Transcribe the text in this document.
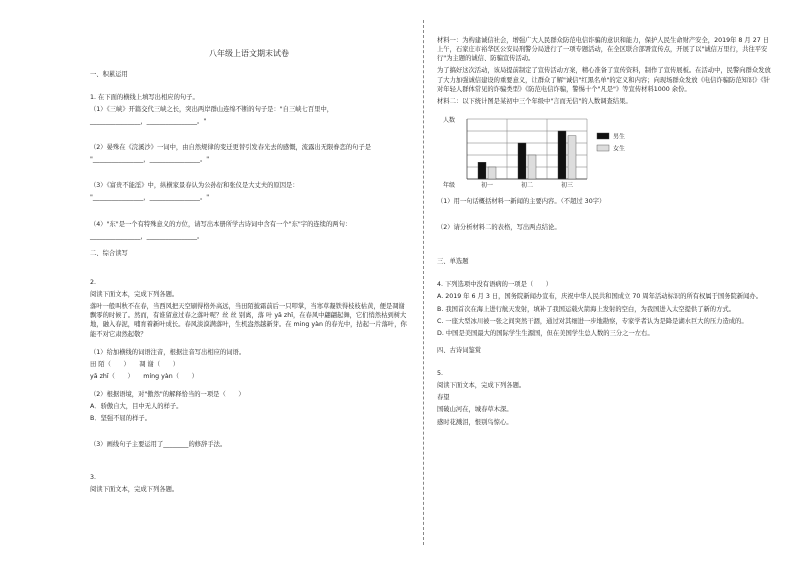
八年级上语文期末试卷
一、积累运用
1. 在下面的横线上填写出相应的句子。
（1）《三峡》开篇交代三峡之长，突出两岸群山连绵不断的句子是："自三峡七百里中，
________________，________________。"
（2）晏殊在《浣溪沙》一词中，由自然规律的变迁更替引发春光去的感慨，流露出无限眷恋的句子是
"________________，________________。"
（3）《富贵不能淫》中，纵横家景春认为公孙衍和张仪是大丈夫的原因是：
"________________，________________。"
（4）"东"是一个有特殊意义的方位，请写出本册所学古诗词中含有一个"东"字的连续的两句：
________________，________________。
二、综合读写
2.
阅读下面文本，完成下列各题。
落叶一般叫秋不在春，当西风把天空刷得格外高远，当田陌披霜前后一只叩掌，当寒草凝铁得枝枝枯黄，便是凋谢飘零的时候了。然而，有谁留意过春之落叶呢？丝 丝 别离，落 叶 yā zhī，在春风中翩翩起舞，它们悄然枯到树大地，融入春泥，哺育着新叶成长。春风淡漠满落叶，生机盎然越新芽。在 ming yàn 的春光中，拈起一片落叶，你能不对它肃然起敬？
（1）给加横线的词语注音，根据注音写出相应的词语。
田 陌（　　）　　凋 谢（　　）
yā zhī（　　）　　míng yàn（　　）
（2）根据语境，对"傲然"的解释恰当的一项是（　　）
A．骄傲自大，目中无人的样子。
B．坚强不屈的样子。
（3）画线句子主要运用了________的修辞手法。
3.
阅读下面文本，完成下列各题。
材料一：为构建诚信社会，增强广大人民群众防范电信诈骗的意识和能力，保护人民生命财产安全，2019年 8 月 27 日上午，石家庄市裕华区公安局刑警分局进行了一项专题活动，在全区联合部署宣传点，开展了以"诚信万里行，共往平安行"为主题的诚信、防骗宣传活动。
为了搞好这次活动，该局提前制定了宣传活动方案，精心准备了宣传资料，制作了宣传展板。在活动中，民警向群众发放了大力加强诚信建设的重要意义，让群众了解"诚信"红黑名单"的定义和内容；向现场群众发放《电信诈骗防范知识》《针对年轻人群体常见的诈骗类型》《防范电信诈骗，警惕十个"凡是"》等宣传材料1000 余份。
材料二：以下统计图是某初中三个年级中"言而无信"的人数调查结果。
人数
年级	初一	初二	初三
男生
女生
（1）用一句话概括材料一新闻的主要内容。（不超过 30字）
（2）请分析材料二的表格，写出两点结论。
三、单选题
4. 下列选项中没有语病的一项是（　　）
A. 2019 年 6 月 3 日，国务院新闻办宣布，庆祝中华人民共和国成立 70 周年活动标识的所有权属于国务院新闻办。
B. 我国首次在海上进行航天发射，填补了我国运载火箭海上发射的空白，为我国进入太空提供了新的方式。
C. 一座大型冰川被一张之间突然干涸，通过对其细进一步地勘察，专家学者认为是降是湖水巨大的压力造成的。
D. 中国是美国最大的国际学生生源国，但在美国学生总人数的三分之一左右。
四、古诗词鉴赏
5.
阅读下面文本，完成下列各题。
春望
国破山河在，城春草木深。
感时花溅泪，恨别鸟惊心。
